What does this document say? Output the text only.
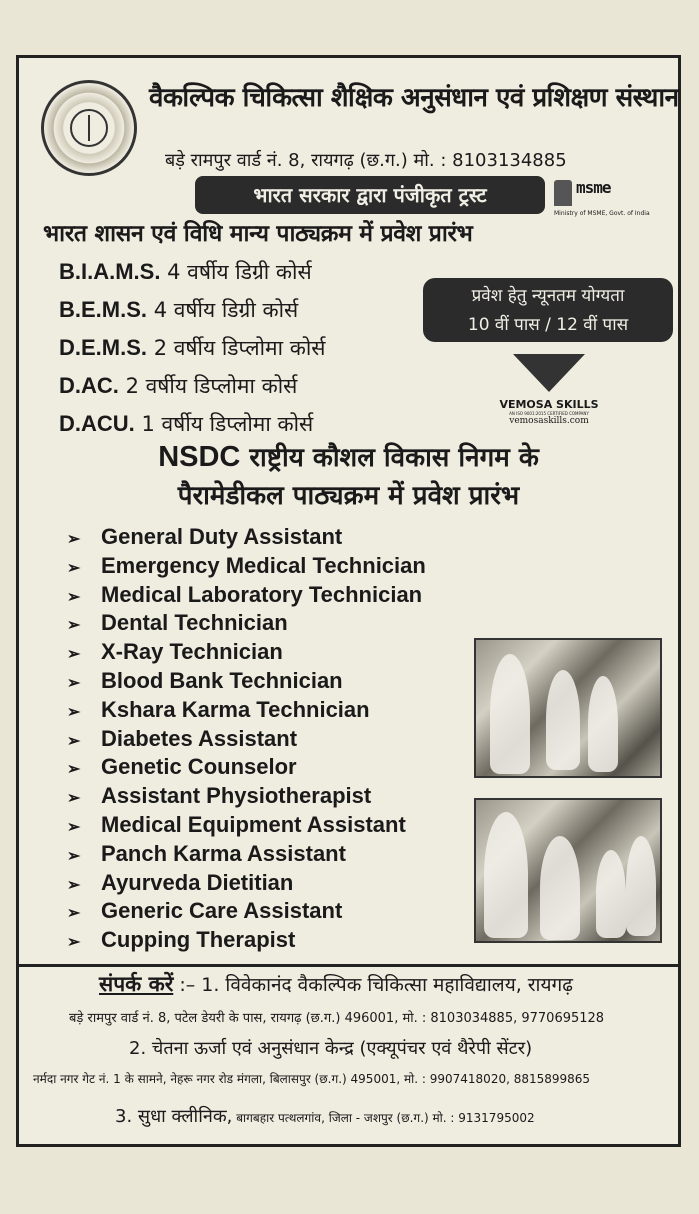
वैकल्पिक चिकित्सा शैक्षिक अनुसंधान एवं प्रशिक्षण संस्थान
बड़े रामपुर वार्ड नं. 8, रायगढ़ (छ.ग.) मो. : 8103134885
भारत सरकार द्वारा पंजीकृत ट्रस्ट	msme
Ministry of MSME, Govt. of India
भारत शासन एवं विधि मान्य पाठ्यक्रम में प्रवेश प्रारंभ
B.I.A.M.S. 4 वर्षीय डिग्री कोर्स
B.E.M.S. 4 वर्षीय डिग्री कोर्स
D.E.M.S. 2 वर्षीय डिप्लोमा कोर्स
D.AC. 2 वर्षीय डिप्लोमा कोर्स
D.ACU. 1 वर्षीय डिप्लोमा कोर्स
प्रवेश हेतु न्यूनतम योग्यता
10 वीं पास / 12 वीं पास
VEMOSA SKILLS
AN ISO 9001:2015 CERTIFIED COMPANY
vemosaskills.com
NSDC राष्ट्रीय कौशल विकास निगम के
पैरामेडीकल पाठ्यक्रम में प्रवेश प्रारंभ
➢ General Duty Assistant
➢ Emergency Medical Technician
➢ Medical Laboratory Technician
➢ Dental Technician
➢ X-Ray Technician
➢ Blood Bank Technician
➢ Kshara Karma Technician
➢ Diabetes Assistant
➢ Genetic Counselor
➢ Assistant Physiotherapist
➢ Medical Equipment Assistant
➢ Panch Karma Assistant
➢ Ayurveda Dietitian
➢ Generic Care Assistant
➢ Cupping Therapist
संपर्क करें :– 1. विवेकानंद वैकल्पिक चिकित्सा महाविद्यालय, रायगढ़
बड़े रामपुर वार्ड नं. 8, पटेल डेयरी के पास, रायगढ़ (छ.ग.) 496001, मो. : 8103034885, 9770695128
2. चेतना ऊर्जा एवं अनुसंधान केन्द्र (एक्यूपंचर एवं थैरेपी सेंटर)
नर्मदा नगर गेट नं. 1 के सामने, नेहरू नगर रोड मंगला, बिलासपुर (छ.ग.) 495001, मो. : 9907418020, 8815899865
3. सुधा क्लीनिक, बागबहार पत्थलगांव, जिला - जशपुर (छ.ग.) मो. : 9131795002
